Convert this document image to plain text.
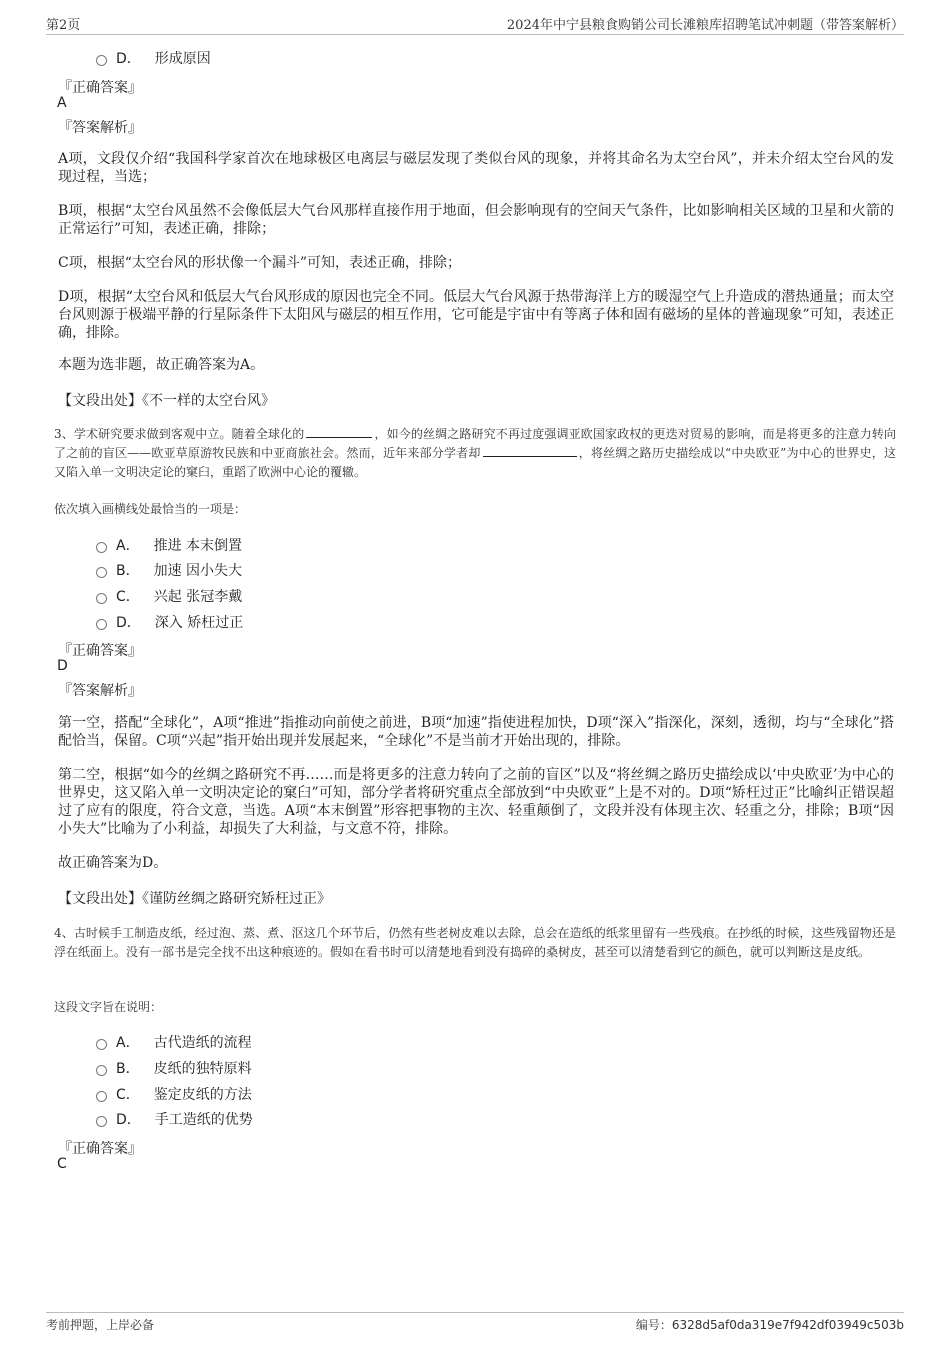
第2页	2024年中宁县粮食购销公司长滩粮库招聘笔试冲刺题（带答案解析）
D． 形成原因
『正确答案』
A
『答案解析』
A项，文段仅介绍“我国科学家首次在地球极区电离层与磁层发现了类似台风的现象，并将其命名为太空台风”，并未介绍太空台风的发现过程，当选；
B项，根据“太空台风虽然不会像低层大气台风那样直接作用于地面，但会影响现有的空间天气条件，比如影响相关区域的卫星和火箭的正常运行”可知，表述正确，排除；
C项，根据“太空台风的形状像一个漏斗”可知，表述正确，排除；
D项，根据“太空台风和低层大气台风形成的原因也完全不同。低层大气台风源于热带海洋上方的暖湿空气上升造成的潜热通量；而太空台风则源于极端平静的行星际条件下太阳风与磁层的相互作用，它可能是宇宙中有等离子体和固有磁场的星体的普遍现象”可知，表述正确，排除。
本题为选非题，故正确答案为A。
【文段出处】《不一样的太空台风》
3、学术研究要求做到客观中立。随着全球化的	，如今的丝绸之路研究不再过度强调亚欧国家政权的更迭对贸易的影响，而是将更多的注意力转向了之前的盲区——欧亚草原游牧民族和中亚商旅社会。然而，近年来部分学者却	，将丝绸之路历史描绘成以“中央欧亚”为中心的世界史，这又陷入单一文明决定论的窠臼，重蹈了欧洲中心论的覆辙。
依次填入画横线处最恰当的一项是：
A． 推进 本末倒置
B． 加速 因小失大
C． 兴起 张冠李戴
D． 深入 矫枉过正
『正确答案』
D
『答案解析』
第一空，搭配“全球化”，A项“推进”指推动向前使之前进，B项“加速”指使进程加快，D项“深入”指深化，深刻，透彻，均与“全球化”搭配恰当，保留。C项“兴起”指开始出现并发展起来，“全球化”不是当前才开始出现的，排除。
第二空，根据“如今的丝绸之路研究不再……而是将更多的注意力转向了之前的盲区”以及“将丝绸之路历史描绘成以‘中央欧亚’为中心的世界史，这又陷入单一文明决定论的窠臼”可知，部分学者将研究重点全部放到“中央欧亚”上是不对的。D项“矫枉过正”比喻纠正错误超过了应有的限度，符合文意，当选。A项“本末倒置”形容把事物的主次、轻重颠倒了，文段并没有体现主次、轻重之分，排除；B项“因小失大”比喻为了小利益，却损失了大利益，与文意不符，排除。
故正确答案为D。
【文段出处】《谨防丝绸之路研究矫枉过正》
4、古时候手工制造皮纸，经过泡、蒸、煮、沤这几个环节后，仍然有些老树皮难以去除，总会在造纸的纸浆里留有一些残痕。在抄纸的时候，这些残留物还是浮在纸面上。没有一部书是完全找不出这种痕迹的。假如在看书时可以清楚地看到没有捣碎的桑树皮，甚至可以清楚看到它的颜色，就可以判断这是皮纸。
这段文字旨在说明：
A． 古代造纸的流程
B． 皮纸的独特原料
C． 鉴定皮纸的方法
D． 手工造纸的优势
『正确答案』
C
考前押题，上岸必备	编号：6328d5af0da319e7f942df03949c503b
